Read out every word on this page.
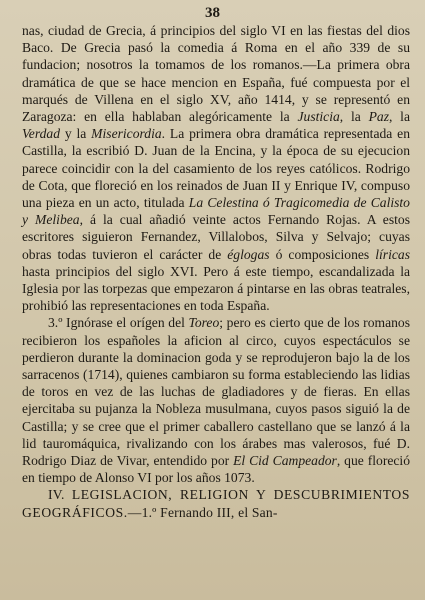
38

nas, ciudad de Grecia, á principios del siglo VI en las fiestas del dios Baco. De Grecia pasó la comedia á Roma en el año 339 de su fundacion; nosotros la tomamos de los romanos.—La primera obra dramática de que se hace mencion en España, fué compuesta por el marqués de Villena en el siglo XV, año 1414, y se representó en Zaragoza: en ella hablaban alegóricamente la Justicia, la Paz, la Verdad y la Misericordia. La primera obra dramática representada en Castilla, la escribió D. Juan de la Encina, y la época de su ejecucion parece coincidir con la del casamiento de los reyes católicos. Rodrigo de Cota, que floreció en los reinados de Juan II y Enrique IV, compuso una pieza en un acto, titulada La Celestina ó Tragicomedia de Calisto y Melibea, á la cual añadió veinte actos Fernando Rojas. A estos escritores siguieron Fernandez, Villalobos, Silva y Selvajo; cuyas obras todas tuvieron el carácter de églogas ó composiciones líricas hasta principios del siglo XVI. Pero á este tiempo, escandalizada la Iglesia por las torpezas que empezaron á pintarse en las obras teatrales, prohibió las representaciones en toda España.

3.º Ignórase el orígen del Toreo; pero es cierto que de los romanos recibieron los españoles la aficion al circo, cuyos espectáculos se perdieron durante la dominacion goda y se reprodujeron bajo la de los sarracenos (1714), quienes cambiaron su forma estableciendo las lidias de toros en vez de las luchas de gladiadores y de fieras. En ellas ejercitaba su pujanza la Nobleza musulmana, cuyos pasos siguió la de Castilla; y se cree que el primer caballero castellano que se lanzó á la lid tauromáquica, rivalizando con los árabes mas valerosos, fué D. Rodrigo Diaz de Vivar, entendido por El Cid Campeador, que floreció en tiempo de Alonso VI por los años 1073.

IV. LEGISLACION, RELIGION Y DESCUBRIMIENTOS GEOGRÁFICOS.—1.º Fernando III, el San-
